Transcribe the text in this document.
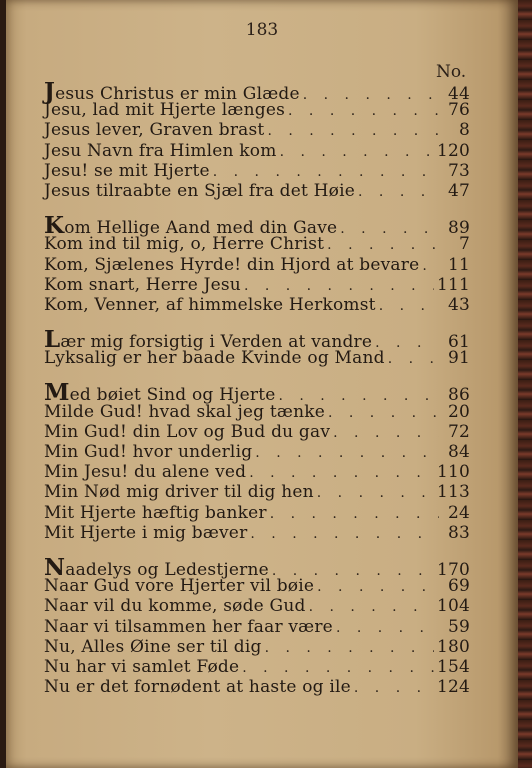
183
No.
Jesus Christus er min Glæde . . .	44
Jesu, lad mit Hjerte længes . . .	76
Jesus lever, Graven brast . . .	8
Jesu Navn fra Himlen kom . . .	120
Jesu! se mit Hjerte . . .	73
Jesus tilraabte en Sjæl fra det Høie . . .	47
Kom Hellige Aand med din Gave . . .	89
Kom ind til mig, o, Herre Christ . . .	7
Kom, Sjælenes Hyrde! din Hjord at bevare . . .	11
Kom snart, Herre Jesu . . .	111
Kom, Venner, af himmelske Herkomst . . .	43
Lær mig forsigtig i Verden at vandre . . .	61
Lyksalig er her baade Kvinde og Mand . . .	91
Med bøiet Sind og Hjerte . . .	86
Milde Gud! hvad skal jeg tænke . . .	20
Min Gud! din Lov og Bud du gav . . .	72
Min Gud! hvor underlig . . .	84
Min Jesu! du alene ved . . .	110
Min Nød mig driver til dig hen . . .	113
Mit Hjerte hæftig banker . . .	24
Mit Hjerte i mig bæver . . .	83
Naadelys og Ledestjerne . . .	170
Naar Gud vore Hjerter vil bøie . . .	69
Naar vil du komme, søde Gud . . .	104
Naar vi tilsammen her faar være . . .	59
Nu, Alles Øine ser til dig . . .	180
Nu har vi samlet Føde . . .	154
Nu er det fornødent at haste og ile . . .	124
